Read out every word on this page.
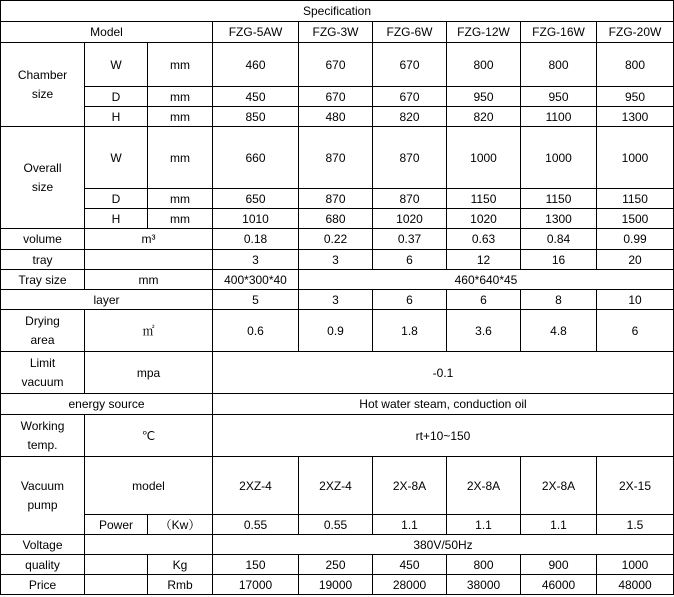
Specification								
Model			FZG-5AW	FZG-3W	FZG-6W	FZG-12W	FZG-16W	FZG-20W

Chamber
size	W	mm	460	670	670	800	800	800
	D	mm	450	670	670	950	950	950
	H	mm	850	480	820	820	1100	1300

Overall
size	W	mm	660	870	870	1000	1000	1000
	D	mm	650	870	870	1150	1150	1150
	H	mm	1010	680	1020	1020	1300	1500
volume	m³		0.18	0.22	0.37	0.63	0.84	0.99
tray			3	3	6	12	16	20
Tray size	mm		400*300*40	460*640*45				
layer			5	3	6	6	8	10

Drying
area	㎡		0.6	0.9	1.8	3.6	4.8	6

Limit
vacuum	mpa		-0.1					
energy source			Hot water steam, conduction oil					

Working
temp.	℃		rt+10~150					

Vacuum
pump	model		2XZ-4	2XZ-4	2X-8A	2X-8A	2X-8A	2X-15
	Power	（Kw）	0.55	0.55	1.1	1.1	1.1	1.5
Voltage			380V/50Hz					
quality		Kg	150	250	450	800	900	1000
Price		Rmb	17000	19000	28000	38000	46000	48000
